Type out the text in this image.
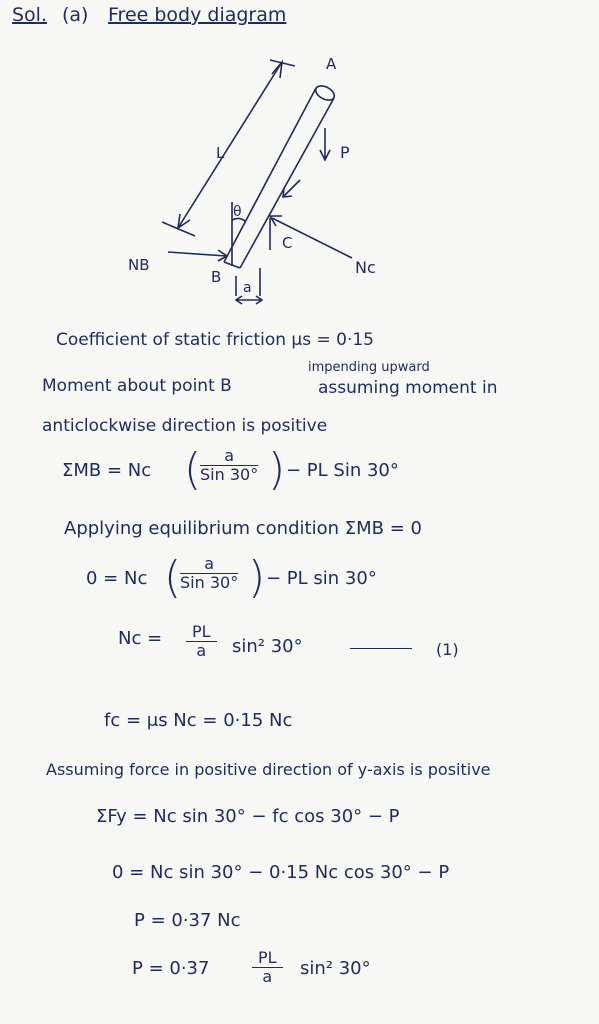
Sol. (a) Free body diagram
A
P
L
θ
C
NB
B
a
Nc
Coefficient of static friction μs = 0·15
impending upward
Moment about point B	assuming moment in
anticlockwise direction is positive
ΣMB = Nc (	a
Sin 30° ) − PL Sin 30°
Applying equilibrium condition ΣMB = 0
0 = Nc (	a
Sin 30° ) − PL sin 30°
$Nc = \frac{PL}{a} \sin^2$ 30°	(1)
fc = μs Nc = 0·15 Nc
Assuming force in positive direction of y-axis is positive
ΣFy = Nc sin 30° − fc cos 30° − P
0 = Nc sin 30° − 0·15 Nc cos 30° − P
P = 0·37 Nc
P = 0·37	$\frac{PL}{a} \sin^2$ 30°
